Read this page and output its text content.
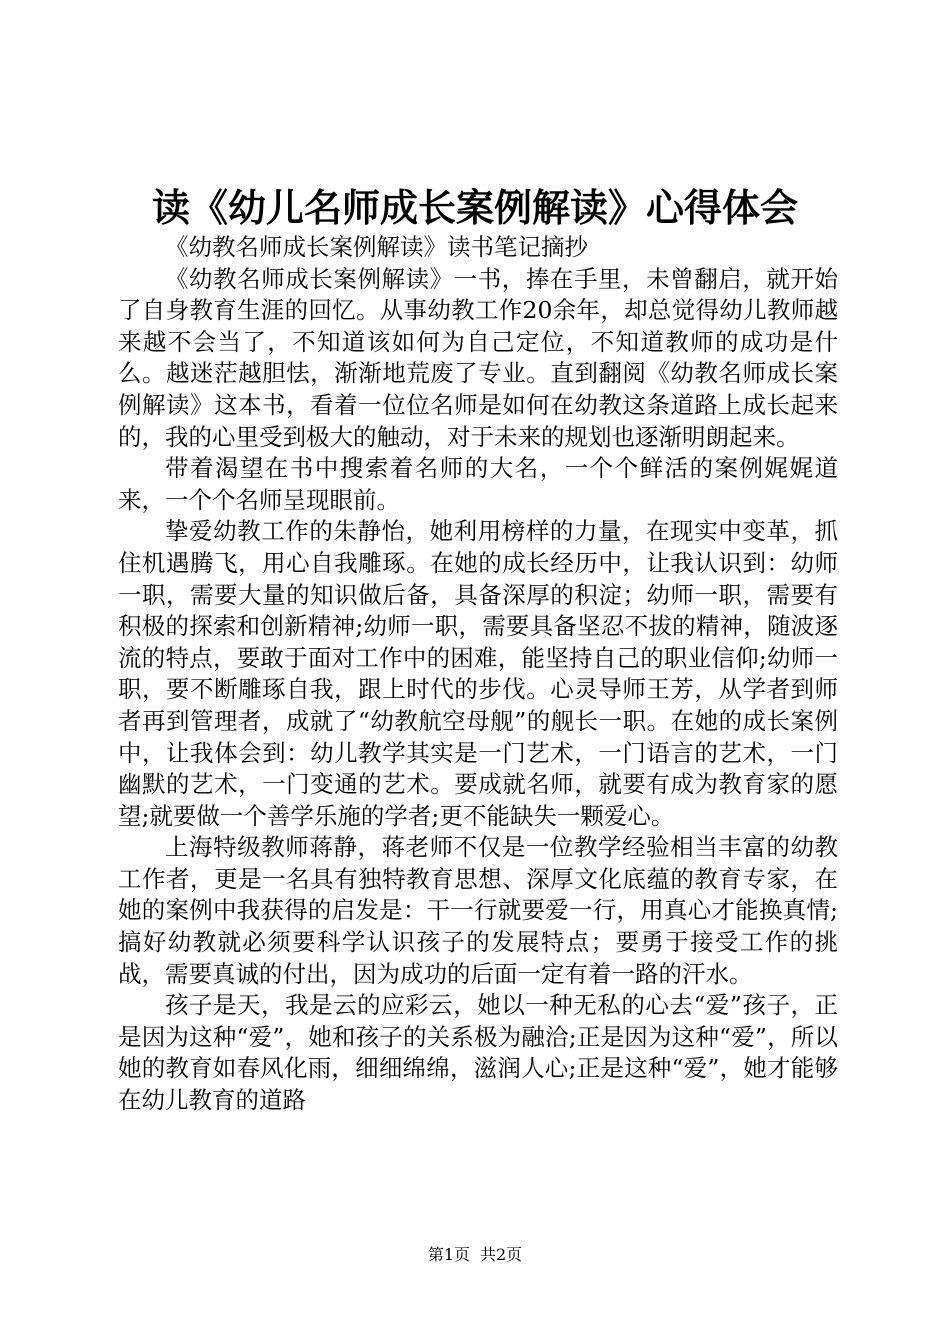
读《幼儿名师成长案例解读》心得体会

《幼教名师成长案例解读》读书笔记摘抄

《幼教名师成长案例解读》一书，捧在手里，未曾翻启，就开始了自身教育生涯的回忆。从事幼教工作20余年，却总觉得幼儿教师越来越不会当了，不知道该如何为自己定位，不知道教师的成功是什么。越迷茫越胆怯，渐渐地荒废了专业。直到翻阅《幼教名师成长案例解读》这本书，看着一位位名师是如何在幼教这条道路上成长起来的，我的心里受到极大的触动，对于未来的规划也逐渐明朗起来。

带着渴望在书中搜索着名师的大名，一个个鲜活的案例娓娓道来，一个个名师呈现眼前。

挚爱幼教工作的朱静怡，她利用榜样的力量，在现实中变革，抓住机遇腾飞，用心自我雕琢。在她的成长经历中，让我认识到：幼师一职，需要大量的知识做后备，具备深厚的积淀；幼师一职，需要有积极的探索和创新精神;幼师一职，需要具备坚忍不拔的精神，随波逐流的特点，要敢于面对工作中的困难，能坚持自己的职业信仰;幼师一职，要不断雕琢自我，跟上时代的步伐。心灵导师王芳，从学者到师者再到管理者，成就了“幼教航空母舰”的舰长一职。在她的成长案例中，让我体会到：幼儿教学其实是一门艺术，一门语言的艺术，一门幽默的艺术，一门变通的艺术。要成就名师，就要有成为教育家的愿望;就要做一个善学乐施的学者;更不能缺失一颗爱心。

上海特级教师蒋静，蒋老师不仅是一位教学经验相当丰富的幼教工作者，更是一名具有独特教育思想、深厚文化底蕴的教育专家，在她的案例中我获得的启发是：干一行就要爱一行，用真心才能换真情;搞好幼教就必须要科学认识孩子的发展特点；要勇于接受工作的挑战，需要真诚的付出，因为成功的后面一定有着一路的汗水。

孩子是天，我是云的应彩云，她以一种无私的心去“爱”孩子，正是因为这种“爱”，她和孩子的关系极为融洽;正是因为这种“爱”，所以她的教育如春风化雨，细细绵绵，滋润人心;正是这种“爱”，她才能够在幼儿教育的道路

第1页 共2页
